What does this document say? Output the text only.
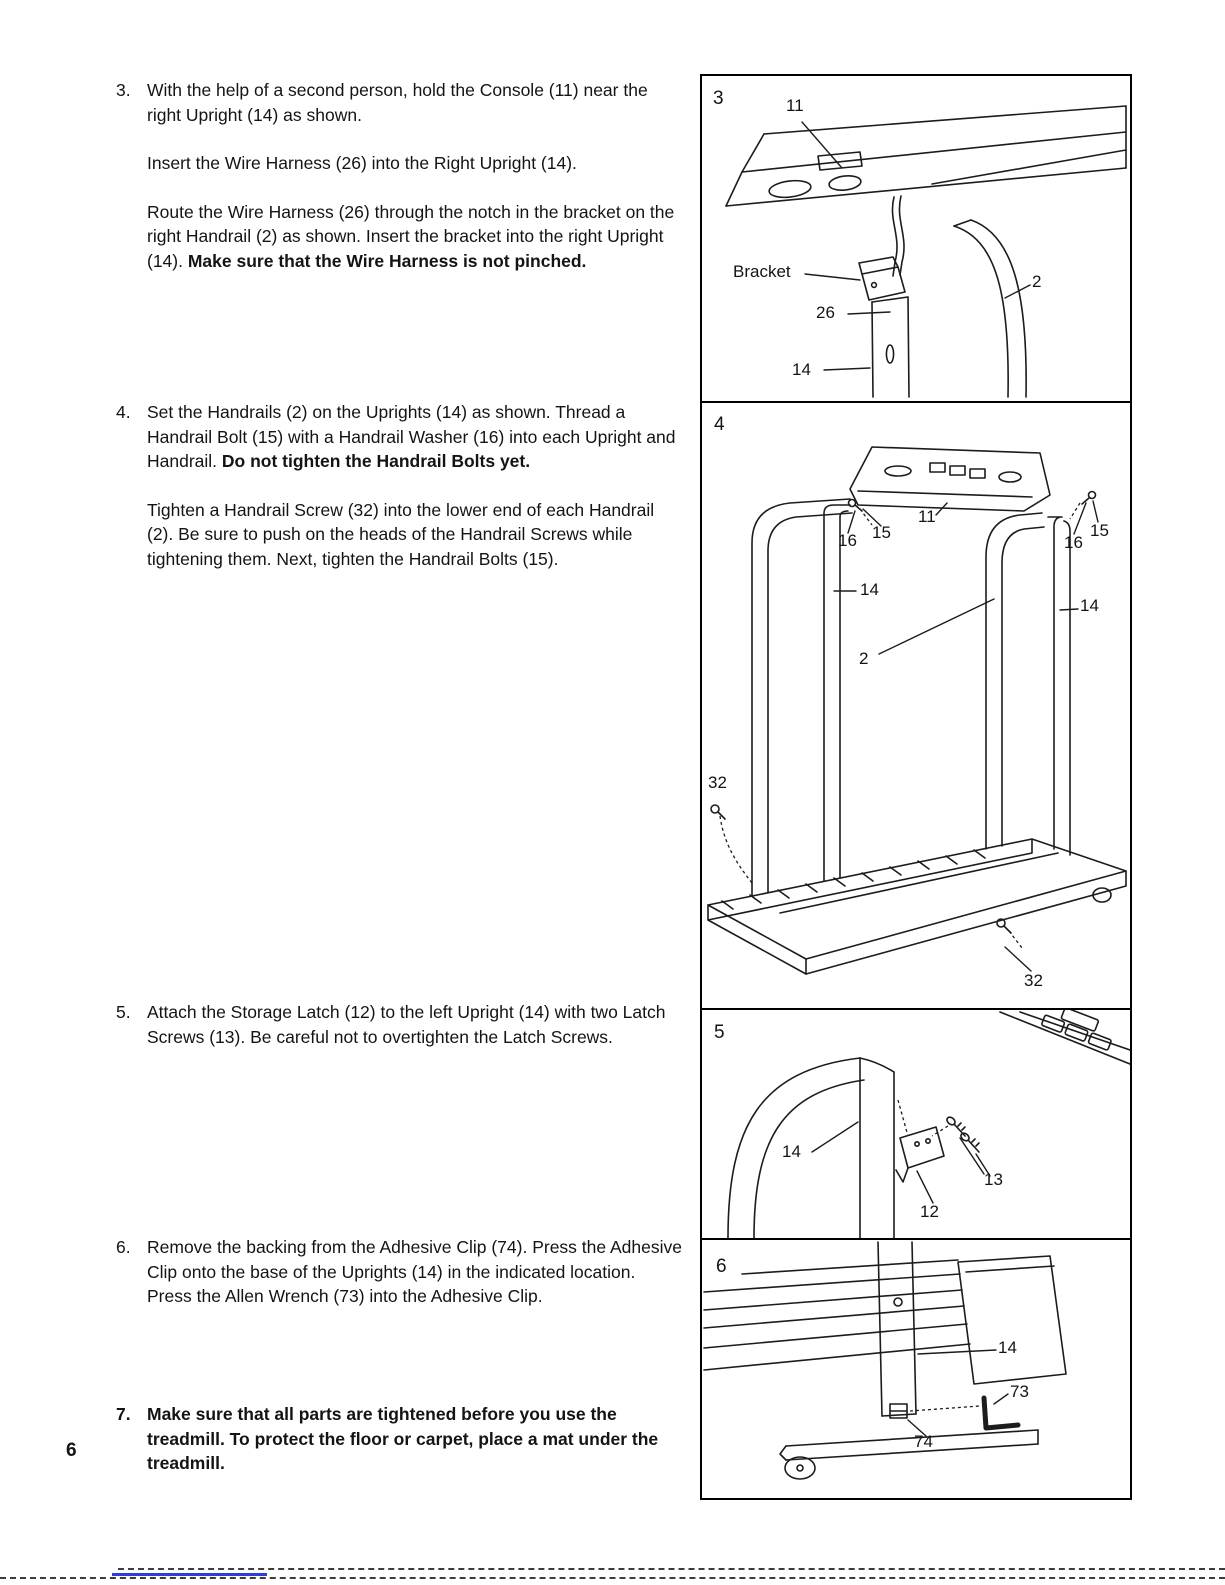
3. With the help of a second person, hold the Console (11) near the right Upright (14) as shown.

Insert the Wire Harness (26) into the Right Upright (14).

Route the Wire Harness (26) through the notch in the bracket on the right Handrail (2) as shown. Insert the bracket into the right Upright (14). Make sure that the Wire Harness is not pinched.

4. Set the Handrails (2) on the Uprights (14) as shown. Thread a Handrail Bolt (15) with a Handrail Washer (16) into each Upright and Handrail. Do not tighten the Handrail Bolts yet.

Tighten a Handrail Screw (32) into the lower end of each Handrail (2). Be sure to push on the heads of the Handrail Screws while tightening them. Next, tighten the Handrail Bolts (15).

5. Attach the Storage Latch (12) to the left Upright (14) with two Latch Screws (13). Be careful not to overtighten the Latch Screws.

6. Remove the backing from the Adhesive Clip (74). Press the Adhesive Clip onto the base of the Uprights (14) in the indicated location. Press the Allen Wrench (73) into the Adhesive Clip.

7. Make sure that all parts are tightened before you use the treadmill. To protect the floor or carpet, place a mat under the treadmill.

6
3	11
Bracket
26
2
14
4
11
16 15
16
15
14
14
2
32
32
5
14
13
12
6
14
73
74
